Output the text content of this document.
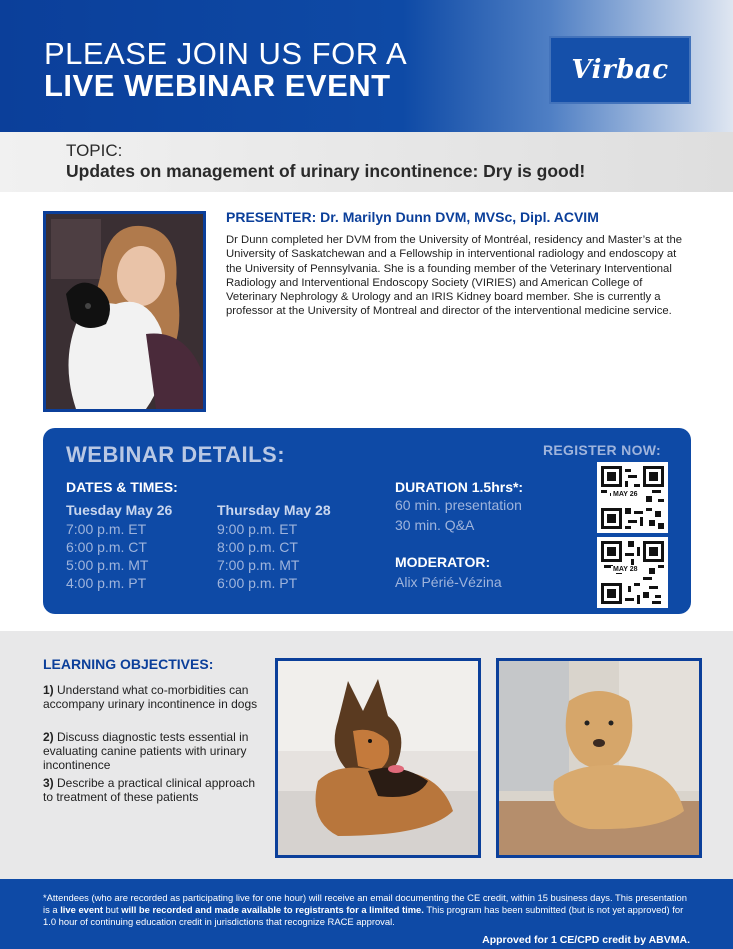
PLEASE JOIN US FOR A
LIVE WEBINAR EVENT	Virbac
TOPIC:
Updates on management of urinary incontinence: Dry is good!
PRESENTER: Dr. Marilyn Dunn DVM, MVSc, Dipl. ACVIM
Dr Dunn completed her DVM from the University of Montréal, residency and Master’s at the University of Saskatchewan and a Fellowship in interventional radiology and endoscopy at the University of Pennsylvania. She is a founding member of the Veterinary Interventional Radiology and Interventional Endoscopy Society (VIRIES) and American College of Veterinary Nephrology & Urology and an IRIS Kidney board member. She is currently a professor at the University of Montreal and director of the interventional medicine service.
WEBINAR DETAILS:	REGISTER NOW:
DATES & TIMES:
Tuesday May 26
7:00 p.m. ET
6:00 p.m. CT
5:00 p.m. MT
4:00 p.m. PT
Thursday May 28
9:00 p.m. ET
8:00 p.m. CT
7:00 p.m. MT
6:00 p.m. PT
DURATION 1.5hrs*:
60 min. presentation
30 min. Q&A
MODERATOR:
Alix Périé-Vézina
MAY 26
MAY 28
LEARNING OBJECTIVES:
1) Understand what co-morbidities can accompany urinary incontinence in dogs
2) Discuss diagnostic tests essential in evaluating canine patients with urinary incontinence
3) Describe a practical clinical approach to treatment of these patients
*Attendees (who are recorded as participating live for one hour) will receive an email documenting the CE credit, within 15 business days. This presentation is a live event but will be recorded and made available to registrants for a limited time. This program has been submitted (but is not yet approved) for 1.0 hour of continuing education credit in jurisdictions that recognize RACE approval.
Approved for 1 CE/CPD credit by ABVMA.
